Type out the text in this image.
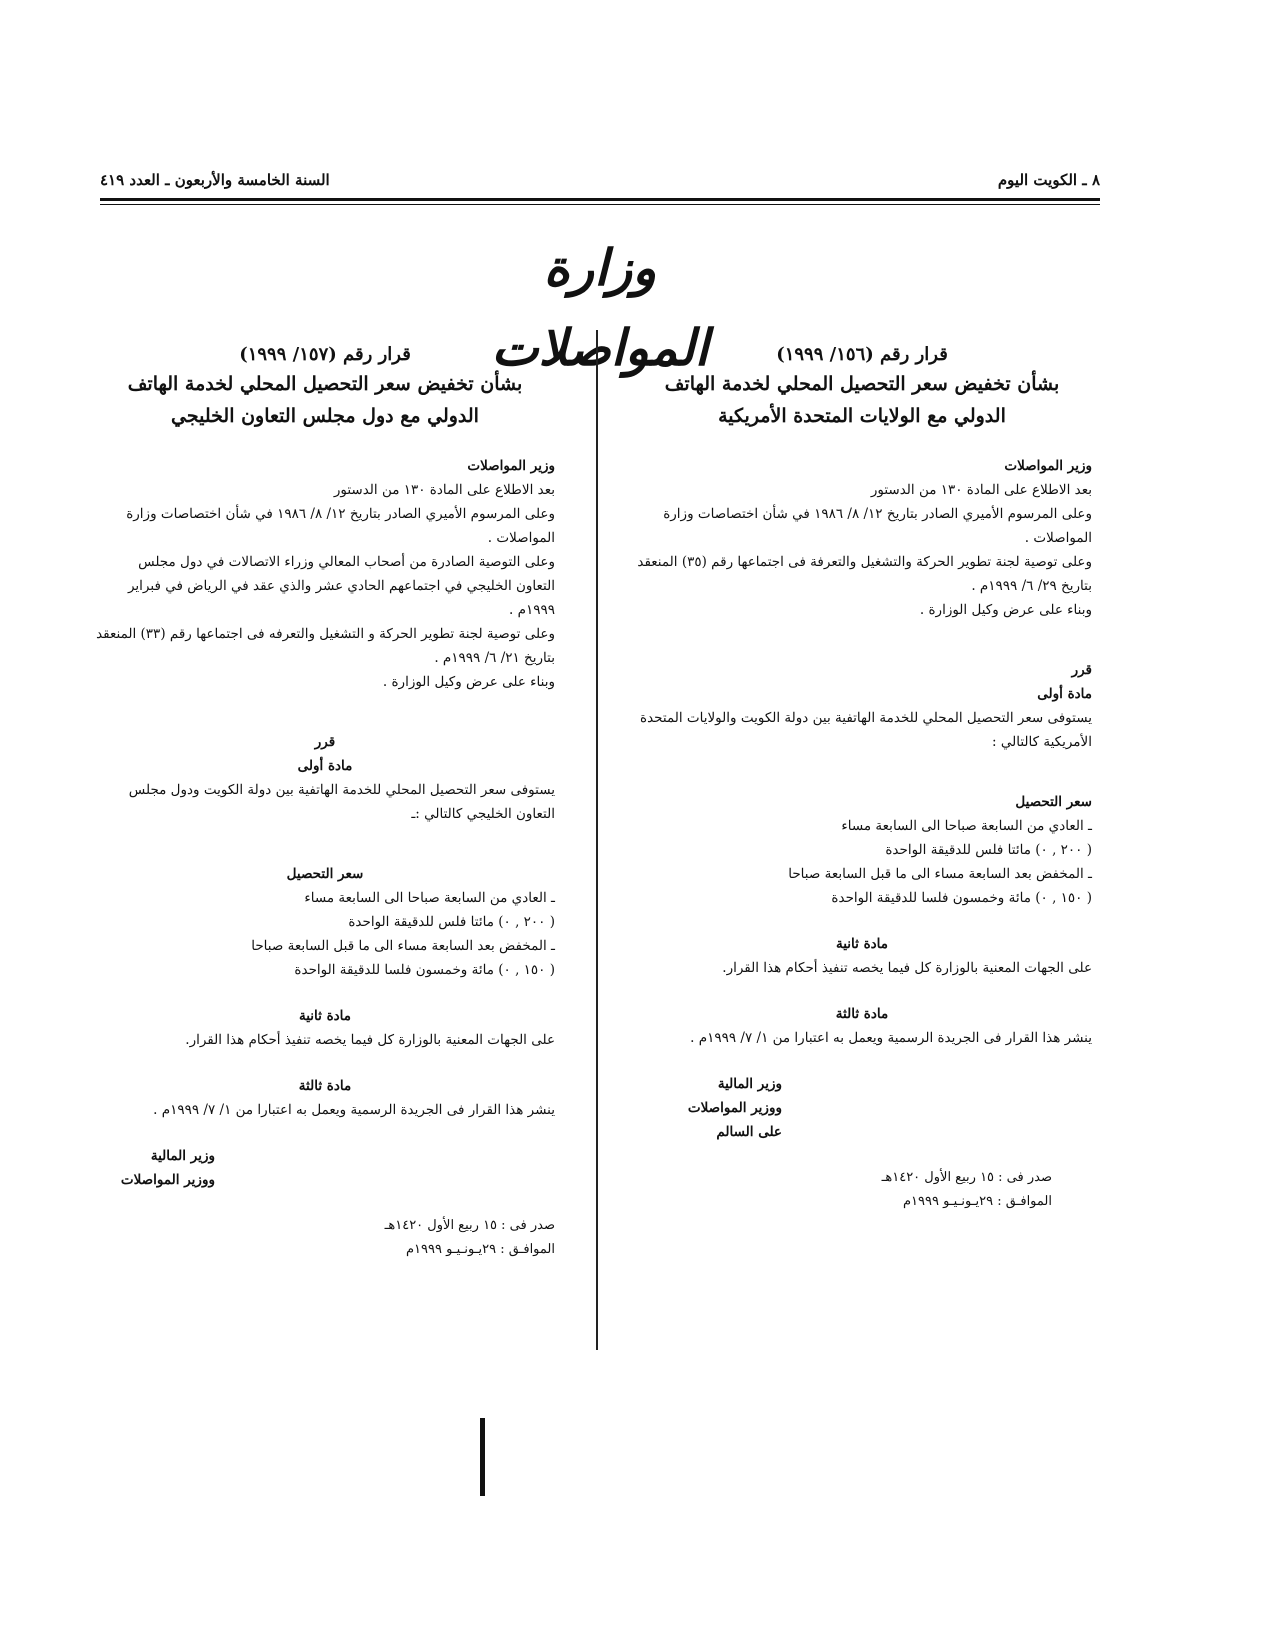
٨ ـ الكويت اليوم
السنة الخامسة والأربعون ـ العدد ٤١٩
وزارة المواصلات	قرار رقم (١٥٦/ ١٩٩٩)

بشأن تخفيض سعر التحصيل المحلي لخدمة الهاتف

الدولي مع الولايات المتحدة الأمريكية

وزير المواصلات

بعد الاطلاع على المادة ١٣٠ من الدستور

وعلى المرسوم الأميري الصادر بتاريخ ١٢/ ٨/ ١٩٨٦ في شأن اختصاصات وزارة المواصلات .

وعلى توصية لجنة تطوير الحركة والتشغيل والتعرفة فى اجتماعها رقم (٣٥) المنعقد بتاريخ ٢٩/ ٦/ ١٩٩٩م .

وبناء على عرض وكيل الوزارة .

قرر

مادة أولى

يستوفى سعر التحصيل المحلي للخدمة الهاتفية بين دولة الكويت والولايات المتحدة الأمريكية كالتالي :

سعر التحصيل

ـ العادي من السابعة صباحا الى السابعة مساء

( ٢٠٠ , ٠) مائتا فلس للدقيقة الواحدة

ـ المخفض بعد السابعة مساء الى ما قبل السابعة صباحا

( ١٥٠ , ٠) مائة وخمسون فلسا للدقيقة الواحدة

مادة ثانية

على الجهات المعنية بالوزارة كل فيما يخصه تنفيذ أحكام هذا القرار.

مادة ثالثة

ينشر هذا القرار فى الجريدة الرسمية ويعمل به اعتبارا من ١/ ٧/ ١٩٩٩م .

وزير المالية

ووزير المواصلات

على السالم

صدر فى : ١٥ ربيع الأول ١٤٢٠هـ

الموافـق : ٢٩يـونـيـو ١٩٩٩م

قرار رقم (١٥٧/ ١٩٩٩)

بشأن تخفيض سعر التحصيل المحلي لخدمة الهاتف

الدولي مع دول مجلس التعاون الخليجي

وزير المواصلات

بعد الاطلاع على المادة ١٣٠ من الدستور

وعلى المرسوم الأميري الصادر بتاريخ ١٢/ ٨/ ١٩٨٦ في شأن اختصاصات وزارة المواصلات .

وعلى التوصية الصادرة من أصحاب المعالي وزراء الاتصالات في دول مجلس التعاون الخليجي في اجتماعهم الحادي عشر والذي عقد في الرياض في فبراير ١٩٩٩م .

وعلى توصية لجنة تطوير الحركة و التشغيل والتعرفه فى اجتماعها رقم (٣٣) المنعقد بتاريخ ٢١/ ٦/ ١٩٩٩م .

وبناء على عرض وكيل الوزارة .

قرر

مادة أولى

يستوفى سعر التحصيل المحلي للخدمة الهاتفية بين دولة الكويت ودول مجلس التعاون الخليجي كالتالي :ـ

سعر التحصيل

ـ العادي من السابعة صباحا الى السابعة مساء

( ٢٠٠ , ٠) مائتا فلس للدقيقة الواحدة

ـ المخفض بعد السابعة مساء الى ما قبل السابعة صباحا

( ١٥٠ , ٠) مائة وخمسون فلسا للدقيقة الواحدة

مادة ثانية

على الجهات المعنية بالوزارة كل فيما يخصه تنفيذ أحكام هذا القرار.

مادة ثالثة

ينشر هذا القرار فى الجريدة الرسمية ويعمل به اعتبارا من ١/ ٧/ ١٩٩٩م .

وزير المالية

ووزير المواصلات

صدر فى : ١٥ ربيع الأول ١٤٢٠هـ

الموافـق : ٢٩يـونـيـو ١٩٩٩م
